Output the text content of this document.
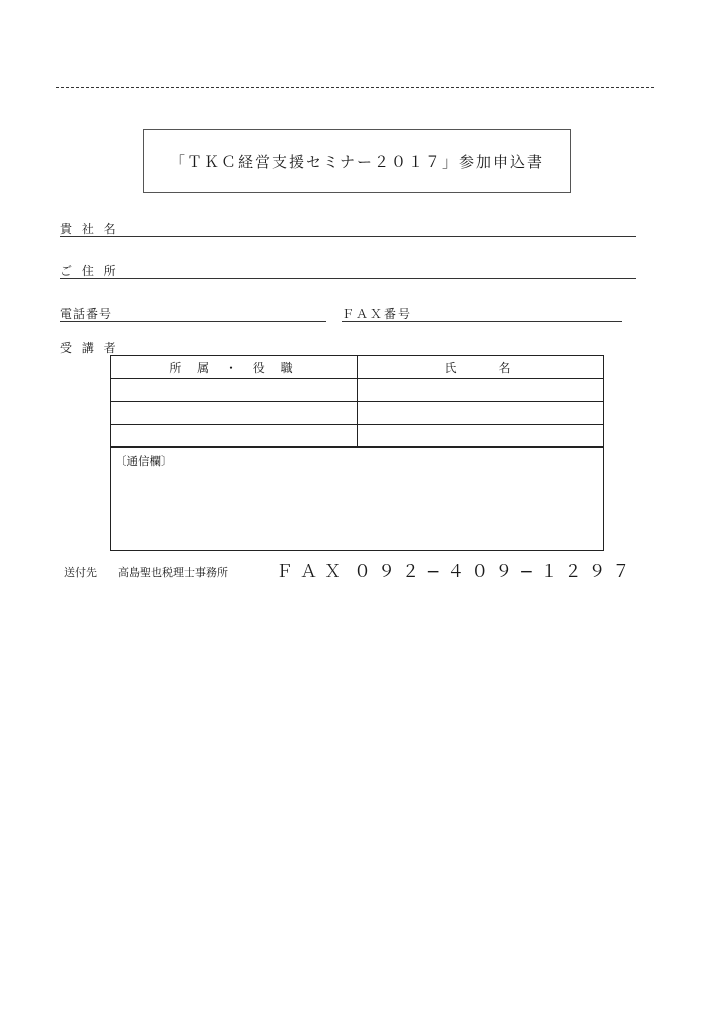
「ＴＫＣ経営支援セミナー２０１７」参加申込書
貴 社 名
ご 住 所
電話番号	ＦＡＸ番号
受 講 者
所 属 ・ 役 職	氏　　名
〔通信欄〕
送付先 高島聖也税理士事務所	ＦＡＸ ０９２−４０９−１２９７
